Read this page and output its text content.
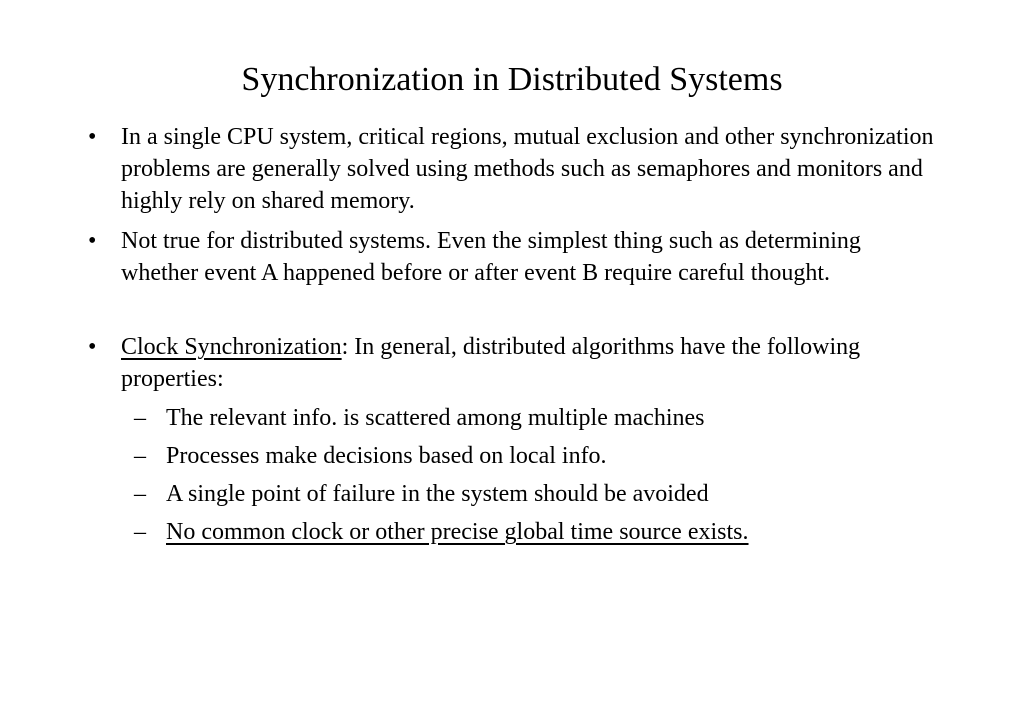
Synchronization in Distributed Systems
• In a single CPU system, critical regions, mutual exclusion and other synchronization problems are generally solved using methods such as semaphores and monitors and highly rely on shared memory.
• Not true for distributed systems. Even the simplest thing such as determining whether event A happened before or after event B require careful thought.
• Clock Synchronization: In general, distributed algorithms have the following properties:
– The relevant info. is scattered among multiple machines
– Processes make decisions based on local info.
– A single point of failure in the system should be avoided
– No common clock or other precise global time source exists.
